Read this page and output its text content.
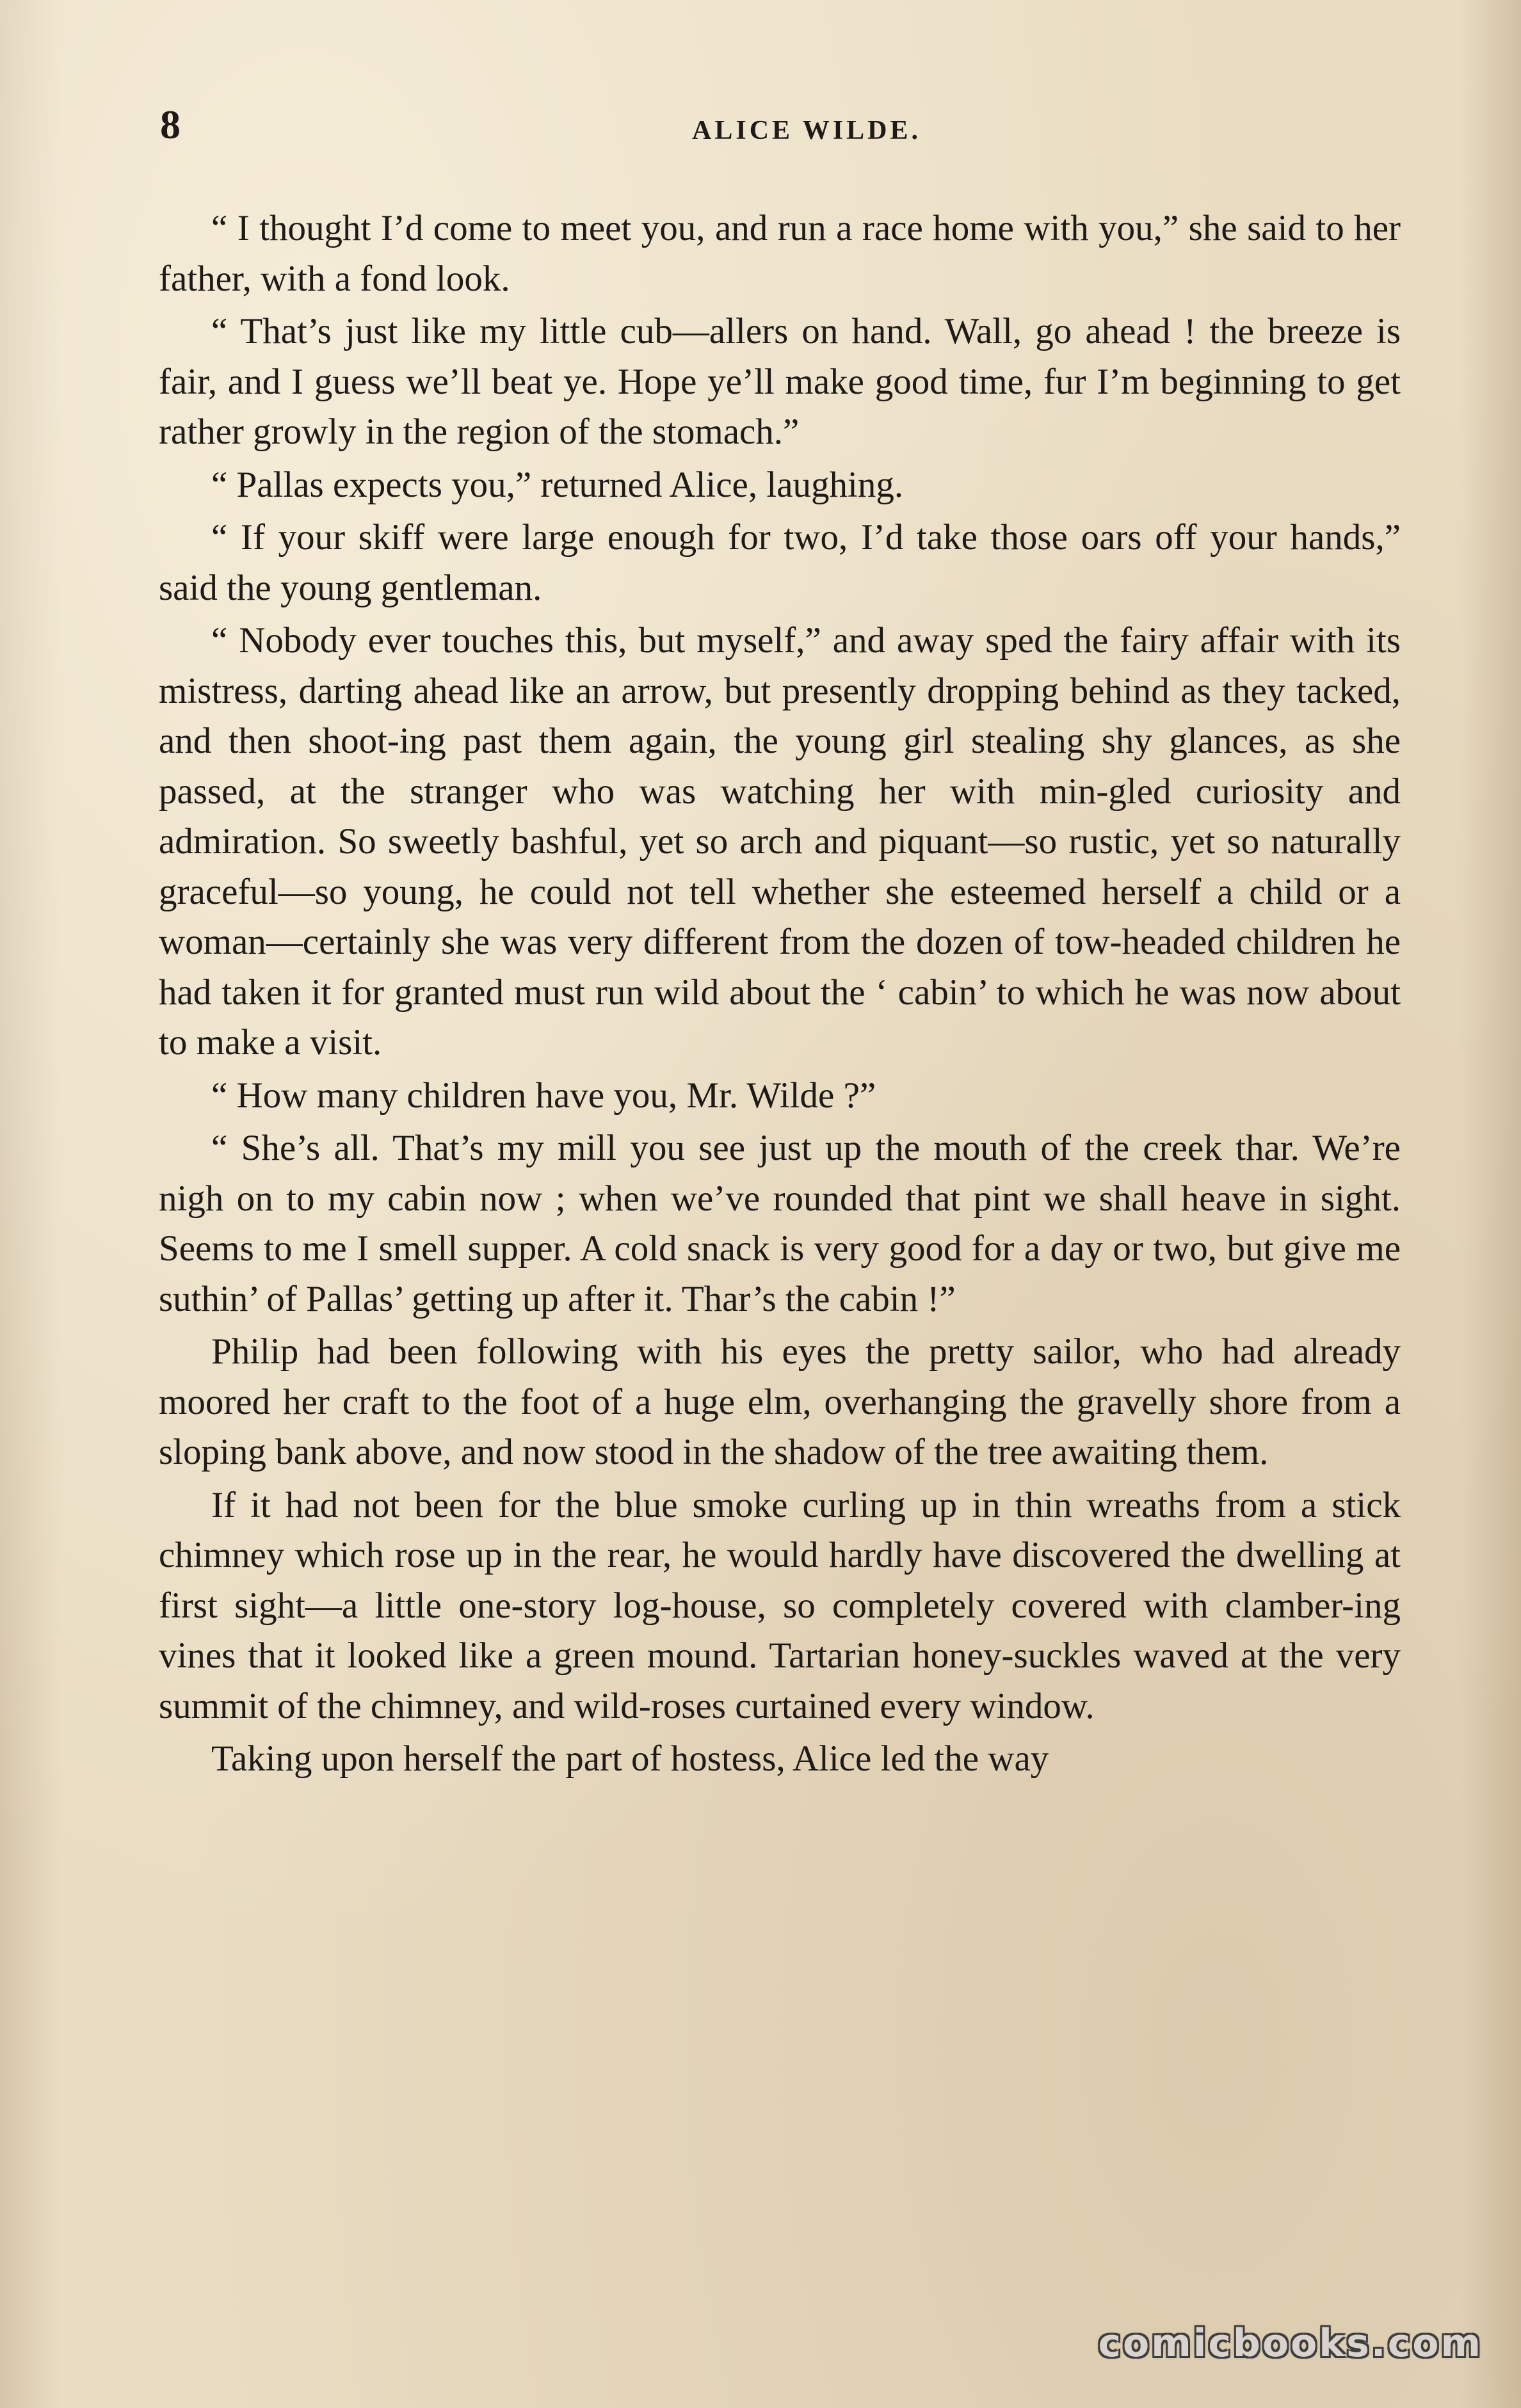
8	ALICE WILDE.

“ I thought I’d come to meet you, and run a race home with you,” she said to her father, with a fond look.

“ That’s just like my little cub—allers on hand. Wall, go ahead ! the breeze is fair, and I guess we’ll beat ye. Hope ye’ll make good time, fur I’m beginning to get rather growly in the region of the stomach.”

“ Pallas expects you,” returned Alice, laughing.

“ If your skiff were large enough for two, I’d take those oars off your hands,” said the young gentleman.

“ Nobody ever touches this, but myself,” and away sped the fairy affair with its mistress, darting ahead like an arrow, but presently dropping behind as they tacked, and then shoot-ing past them again, the young girl stealing shy glances, as she passed, at the stranger who was watching her with min-gled curiosity and admiration. So sweetly bashful, yet so arch and piquant—so rustic, yet so naturally graceful—so young, he could not tell whether she esteemed herself a child or a woman—certainly she was very different from the dozen of tow-headed children he had taken it for granted must run wild about the ‘ cabin’ to which he was now about to make a visit.

“ How many children have you, Mr. Wilde ?”

“ She’s all. That’s my mill you see just up the mouth of the creek thar. We’re nigh on to my cabin now ; when we’ve rounded that pint we shall heave in sight. Seems to me I smell supper. A cold snack is very good for a day or two, but give me suthin’ of Pallas’ getting up after it. Thar’s the cabin !”

Philip had been following with his eyes the pretty sailor, who had already moored her craft to the foot of a huge elm, overhanging the gravelly shore from a sloping bank above, and now stood in the shadow of the tree awaiting them.

If it had not been for the blue smoke curling up in thin wreaths from a stick chimney which rose up in the rear, he would hardly have discovered the dwelling at first sight—a little one-story log-house, so completely covered with clamber-ing vines that it looked like a green mound. Tartarian honey-suckles waved at the very summit of the chimney, and wild-roses curtained every window.

Taking upon herself the part of hostess, Alice led the way

comicbooks.com
